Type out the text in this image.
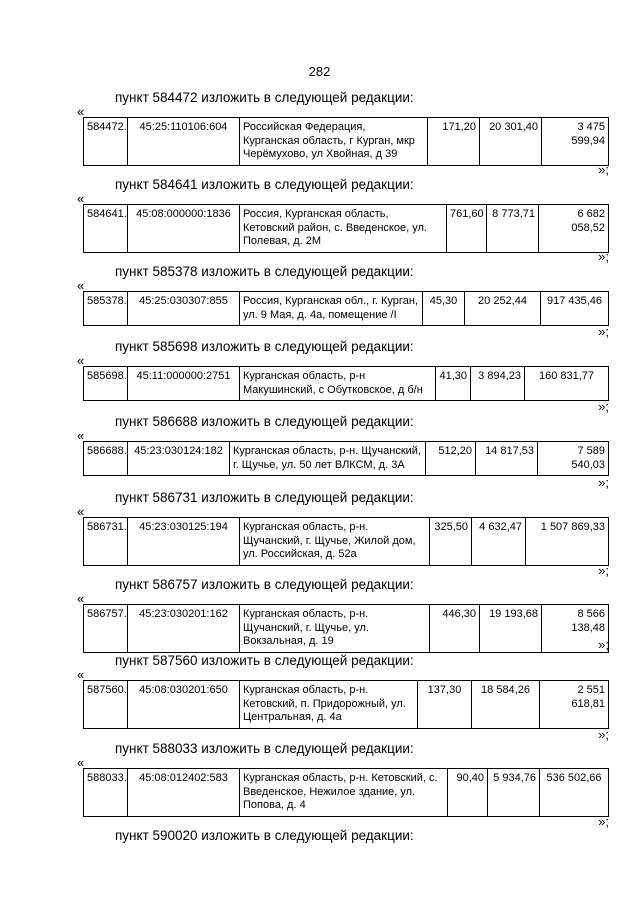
282
пункт 584472 изложить в следующей редакции:
«
584472.	45:25:110106:604	Российская Федерация, Курганская область, г Курган, мкр Черёмухово, ул Хвойная, д 39	171,20	20 301,40	3 475 599,94
»;
пункт 584641 изложить в следующей редакции:
«
584641.	45:08:000000:1836	Россия, Курганская область, Кетовский район, с. Введенское, ул. Полевая, д. 2М	761,60	8 773,71	6 682 058,52
»;
пункт 585378 изложить в следующей редакции:
«
585378.	45:25:030307:855	Россия, Курганская обл., г. Курган, ул. 9 Мая, д. 4а, помещение /I	45,30	20 252,44	917 435,46
»;
пункт 585698 изложить в следующей редакции:
«
585698.	45:11:000000:2751	Курганская область, р-н Макушинский, с Обутковское, д б/н	41,30	3 894,23	160 831,77
»;
пункт 586688 изложить в следующей редакции:
«
586688.	45:23:030124:182	Курганская область, р-н. Щучанский, г. Щучье, ул. 50 лет ВЛКСМ, д. 3А	512,20	14 817,53	7 589 540,03
»;
пункт 586731 изложить в следующей редакции:
«
586731.	45:23:030125:194	Курганская область, р-н. Щучанский, г. Щучье, Жилой дом, ул. Российская, д. 52а	325,50	4 632,47	1 507 869,33
»;
пункт 586757 изложить в следующей редакции:
«
586757.	45:23:030201:162	Курганская область, р-н. Щучанский, г. Щучье, ул. Вокзальная, д. 19	446,30	19 193,68	8 566 138,48
»;
пункт 587560 изложить в следующей редакции:
«
587560.	45:08:030201:650	Курганская область, р-н. Кетовский, п. Придорожный, ул. Центральная, д. 4а	137,30	18 584,26	2 551 618,81
»;
пункт 588033 изложить в следующей редакции:
«
588033.	45:08:012402:583	Курганская область, р-н. Кетовский, с. Введенское, Нежилое здание, ул. Попова, д. 4	90,40	5 934,76	536 502,66
»;
пункт 590020 изложить в следующей редакции:
